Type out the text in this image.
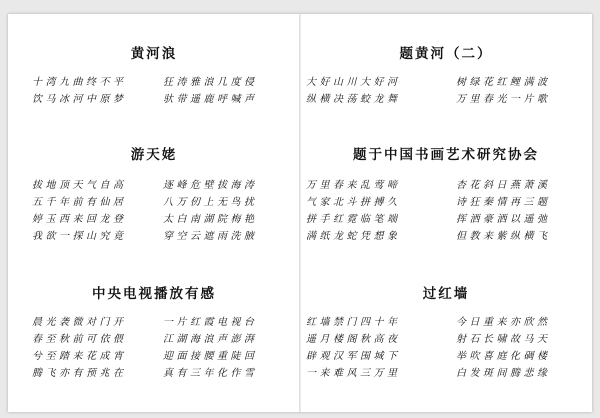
黄河浪
十湾九曲终不平
饮马冰河中原梦
狂涛雅浪几度侵
驮带遥鹿呼喊声
游天姥
拔地顶天气自高
五千年前有仙居
婷玉西来回龙登
我欲一探山究竟
逐峰危壁拔海涛
八万仞上无鸟扰
太白南湖院梅艳
穿空云遮雨洗腋
中央电视播放有感
晨光袭微对门开
春至秋前可依偎
兮至踏来花成宵
腾飞亦有预兆在
一片红霞电视台
江湖海浪声澎湃
迎面接腰重陡回
真有三年化作雪
题黄河（二）
大好山川大好河
纵横决荡蛟龙舞
树绿花红鲤满波
万里春光一片歌
题于中国书画艺术研究协会
万里春来乱莺啼
气家北斗拼搏久
拼手红霓临笔端
满纸龙蛇凭想象
杏花斜日燕萧溪
诗狂秦情再三题
挥洒豪洒以遥弛
但教来紫纵横飞
过红墙
红墙禁门四十年
遥月楼阁秋高夜
辟观汉军围城下
一来难风三万里
今日重来亦欣然
射石长啸故马天
举吹喜庭化碉楼
白发斑间腾悲缘
